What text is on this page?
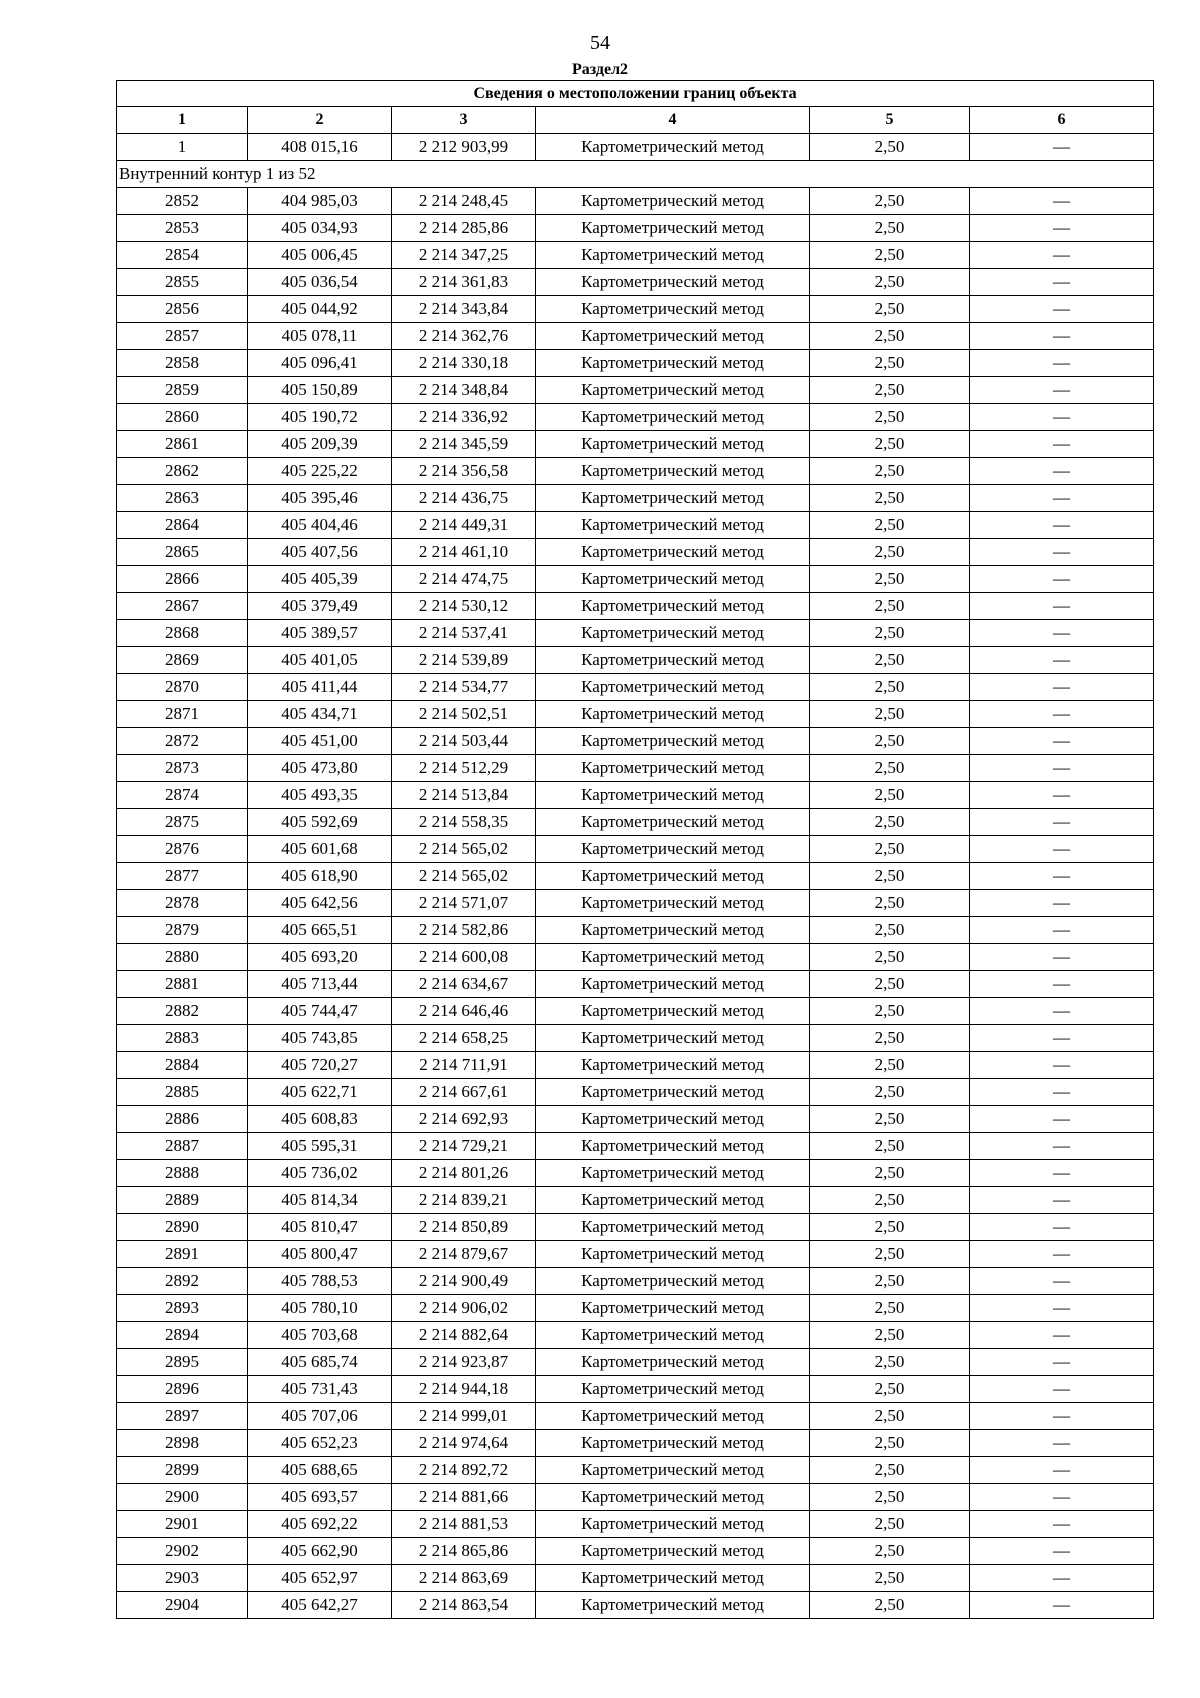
54
Раздел2
Сведения о местоположении границ объекта					
1	2	3	4	5	6
1	408 015,16	2 212 903,99	Картометрический метод	2,50	—
Внутренний контур 1 из 52					
2852	404 985,03	2 214 248,45	Картометрический метод	2,50	—
2853	405 034,93	2 214 285,86	Картометрический метод	2,50	—
2854	405 006,45	2 214 347,25	Картометрический метод	2,50	—
2855	405 036,54	2 214 361,83	Картометрический метод	2,50	—
2856	405 044,92	2 214 343,84	Картометрический метод	2,50	—
2857	405 078,11	2 214 362,76	Картометрический метод	2,50	—
2858	405 096,41	2 214 330,18	Картометрический метод	2,50	—
2859	405 150,89	2 214 348,84	Картометрический метод	2,50	—
2860	405 190,72	2 214 336,92	Картометрический метод	2,50	—
2861	405 209,39	2 214 345,59	Картометрический метод	2,50	—
2862	405 225,22	2 214 356,58	Картометрический метод	2,50	—
2863	405 395,46	2 214 436,75	Картометрический метод	2,50	—
2864	405 404,46	2 214 449,31	Картометрический метод	2,50	—
2865	405 407,56	2 214 461,10	Картометрический метод	2,50	—
2866	405 405,39	2 214 474,75	Картометрический метод	2,50	—
2867	405 379,49	2 214 530,12	Картометрический метод	2,50	—
2868	405 389,57	2 214 537,41	Картометрический метод	2,50	—
2869	405 401,05	2 214 539,89	Картометрический метод	2,50	—
2870	405 411,44	2 214 534,77	Картометрический метод	2,50	—
2871	405 434,71	2 214 502,51	Картометрический метод	2,50	—
2872	405 451,00	2 214 503,44	Картометрический метод	2,50	—
2873	405 473,80	2 214 512,29	Картометрический метод	2,50	—
2874	405 493,35	2 214 513,84	Картометрический метод	2,50	—
2875	405 592,69	2 214 558,35	Картометрический метод	2,50	—
2876	405 601,68	2 214 565,02	Картометрический метод	2,50	—
2877	405 618,90	2 214 565,02	Картометрический метод	2,50	—
2878	405 642,56	2 214 571,07	Картометрический метод	2,50	—
2879	405 665,51	2 214 582,86	Картометрический метод	2,50	—
2880	405 693,20	2 214 600,08	Картометрический метод	2,50	—
2881	405 713,44	2 214 634,67	Картометрический метод	2,50	—
2882	405 744,47	2 214 646,46	Картометрический метод	2,50	—
2883	405 743,85	2 214 658,25	Картометрический метод	2,50	—
2884	405 720,27	2 214 711,91	Картометрический метод	2,50	—
2885	405 622,71	2 214 667,61	Картометрический метод	2,50	—
2886	405 608,83	2 214 692,93	Картометрический метод	2,50	—
2887	405 595,31	2 214 729,21	Картометрический метод	2,50	—
2888	405 736,02	2 214 801,26	Картометрический метод	2,50	—
2889	405 814,34	2 214 839,21	Картометрический метод	2,50	—
2890	405 810,47	2 214 850,89	Картометрический метод	2,50	—
2891	405 800,47	2 214 879,67	Картометрический метод	2,50	—
2892	405 788,53	2 214 900,49	Картометрический метод	2,50	—
2893	405 780,10	2 214 906,02	Картометрический метод	2,50	—
2894	405 703,68	2 214 882,64	Картометрический метод	2,50	—
2895	405 685,74	2 214 923,87	Картометрический метод	2,50	—
2896	405 731,43	2 214 944,18	Картометрический метод	2,50	—
2897	405 707,06	2 214 999,01	Картометрический метод	2,50	—
2898	405 652,23	2 214 974,64	Картометрический метод	2,50	—
2899	405 688,65	2 214 892,72	Картометрический метод	2,50	—
2900	405 693,57	2 214 881,66	Картометрический метод	2,50	—
2901	405 692,22	2 214 881,53	Картометрический метод	2,50	—
2902	405 662,90	2 214 865,86	Картометрический метод	2,50	—
2903	405 652,97	2 214 863,69	Картометрический метод	2,50	—
2904	405 642,27	2 214 863,54	Картометрический метод	2,50	—
